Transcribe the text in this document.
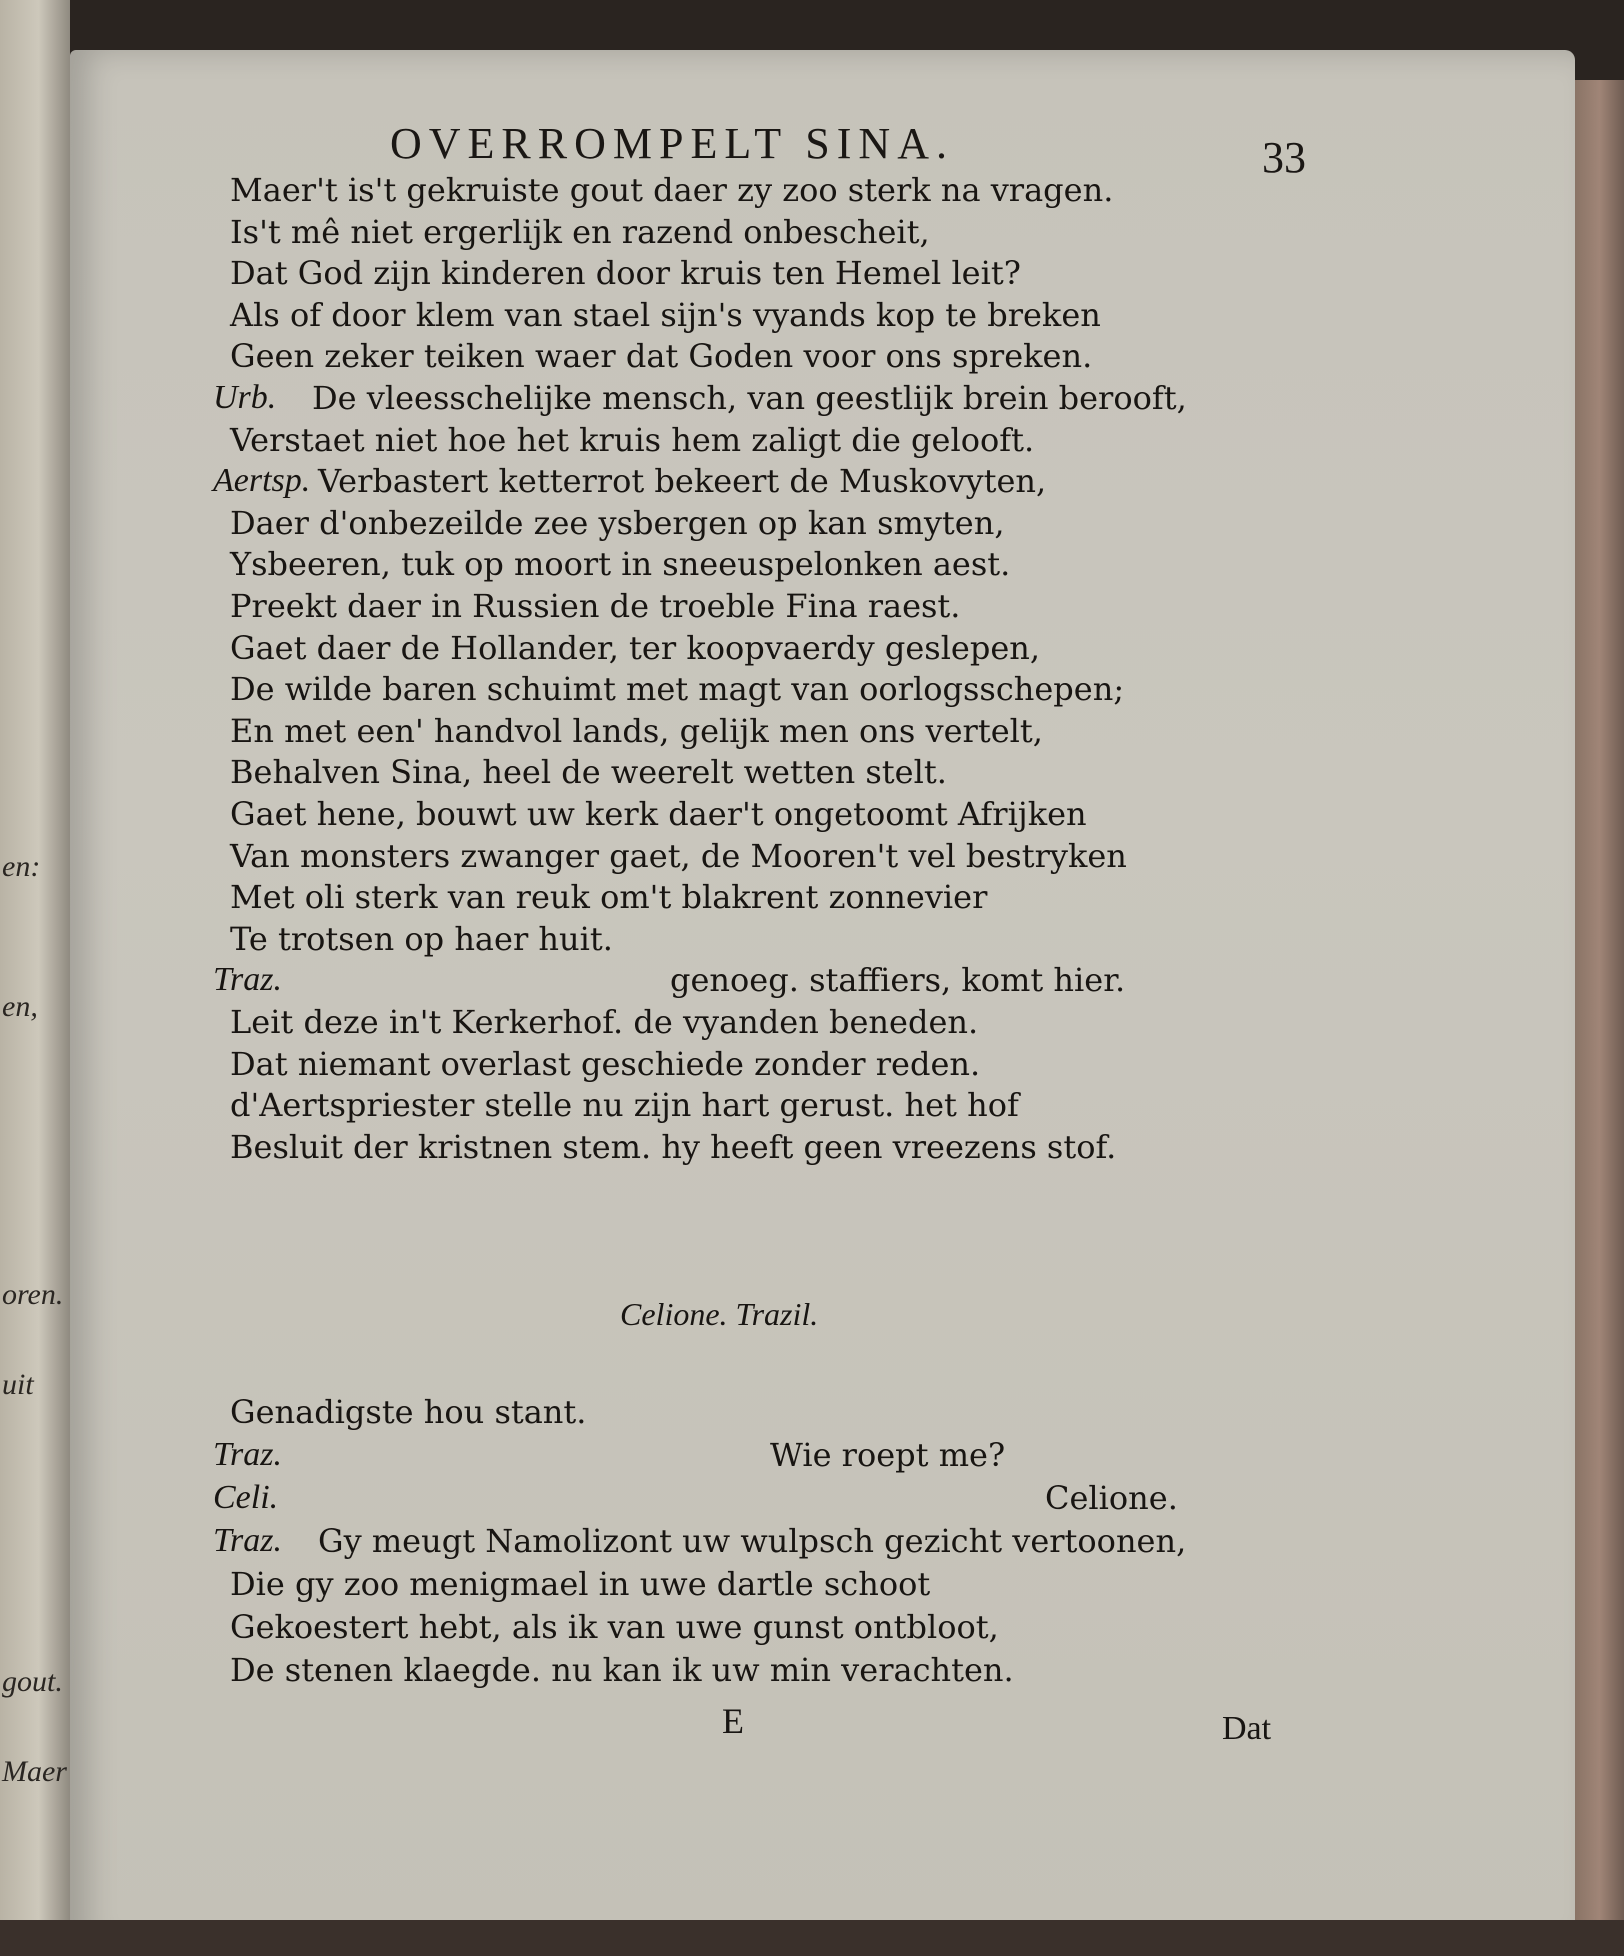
en:
en,
oren.
uit
gout.
Maer
OVERROMPELT SINA.	33
Maer't is't gekruiste gout daer zy zoo sterk na vragen.
Is't mê niet ergerlijk en razend onbescheit,
Dat God zijn kinderen door kruis ten Hemel leit?
Als of door klem van stael sijn's vyands kop te breken
Geen zeker teiken waer dat Goden voor ons spreken.
Urb. De vleesschelijke mensch, van geestlijk brein berooft,
Verstaet niet hoe het kruis hem zaligt die gelooft.
Aertsp. Verbastert ketterrot bekeert de Muskovyten,
Daer d'onbezeilde zee ysbergen op kan smyten,
Ysbeeren, tuk op moort in sneeuspelonken aest.
Preekt daer in Russien de troeble Fina raest.
Gaet daer de Hollander, ter koopvaerdy geslepen,
De wilde baren schuimt met magt van oorlogsschepen;
En met een' handvol lands, gelijk men ons vertelt,
Behalven Sina, heel de weerelt wetten stelt.
Gaet hene, bouwt uw kerk daer't ongetoomt Afrijken
Van monsters zwanger gaet, de Mooren't vel bestryken
Met oli sterk van reuk om't blakrent zonnevier
Te trotsen op haer huit.
Traz.	genoeg. staffiers, komt hier.
Leit deze in't Kerkerhof. de vyanden beneden.
Dat niemant overlast geschiede zonder reden.
d'Aertspriester stelle nu zijn hart gerust. het hof
Besluit der kristnen stem. hy heeft geen vreezens stof.
Genadigste hou stant.
Traz.	Wie roept me?
Celi.	Celione.
Traz. Gy meugt Namolizont uw wulpsch gezicht vertoonen,
Die gy zoo menigmael in uwe dartle schoot
Gekoestert hebt, als ik van uwe gunst ontbloot,
De stenen klaegde. nu kan ik uw min verachten.
Celione. Trazil.
E	Dat
